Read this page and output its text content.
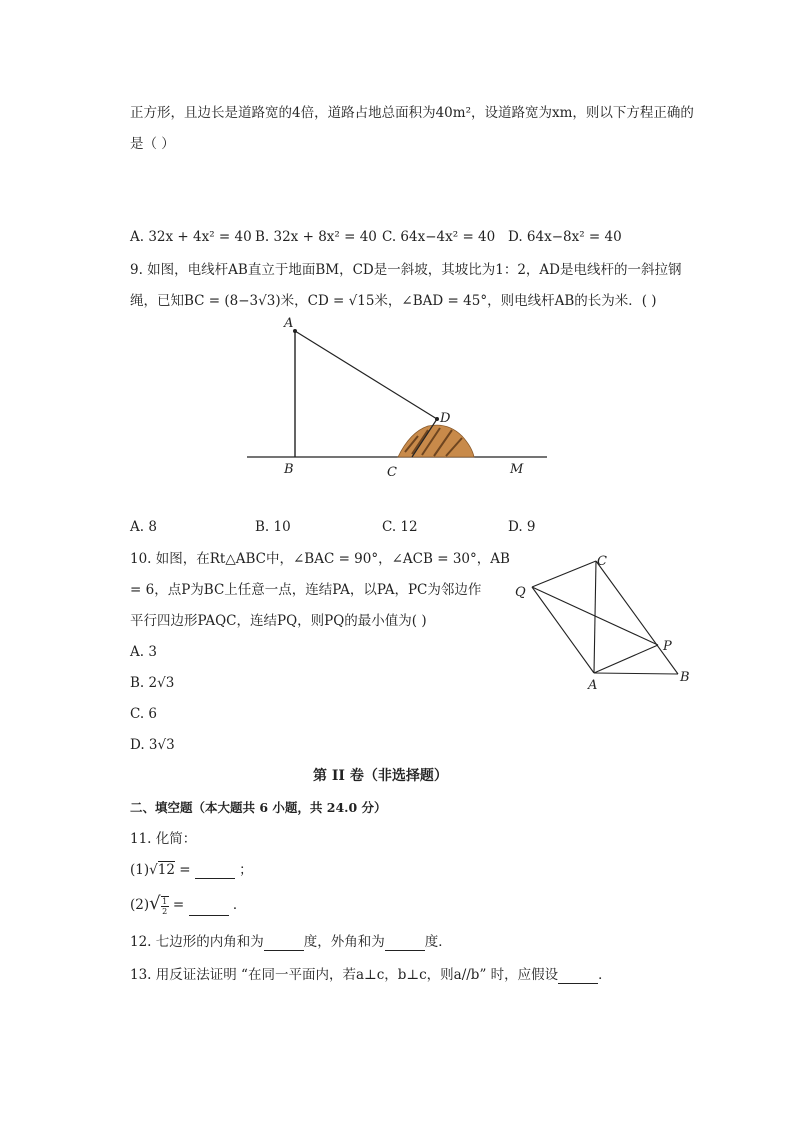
正方形，且边长是道路宽的4倍，道路占地总面积为40m²，设道路宽为xm，则以下方程正确的
是（ ）
A. 32x + 4x² = 40 B. 32x + 8x² = 40 C. 64x−4x² = 40 D. 64x−8x² = 40
9. 如图，电线杆AB直立于地面BM，CD是一斜坡，其坡比为1：2，AD是电线杆的一斜拉钢
绳，已知BC = (8−3√3)米，CD = √15米，∠BAD = 45°，则电线杆AB的长为米．( )
A
D
B	C	M
A. 8	B. 10	C. 12	D. 9
10. 如图，在Rt△ABC中，∠BAC = 90°，∠ACB = 30°，AB
= 6，点P为BC上任意一点，连结PA，以PA，PC为邻边作
平行四边形PAQC，连结PQ，则PQ的最小值为( )
C
Q
P
A
B
A. 3
B. 2√3
C. 6
D. 3√3
第 II 卷（非选择题）
二、填空题（本大题共 6 小题，共 24.0 分）
11. 化简：
(1)√12 =	；
$(2)√ \frac{1}{2}$ =	．
12. 七边形的内角和为	度，外角和为	度．
13. 用反证法证明 “在同一平面内，若a⊥c，b⊥c，则a//b” 时，应假设	．
